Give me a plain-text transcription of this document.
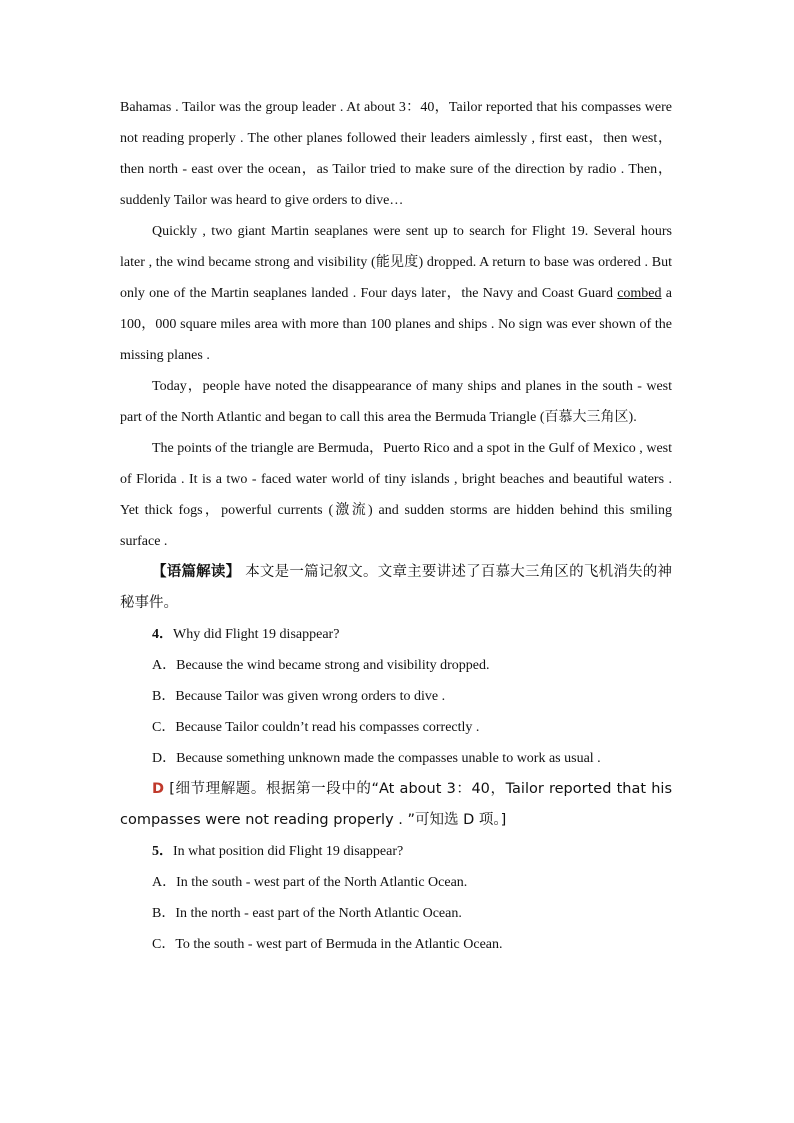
Bahamas . Tailor was the group leader . At about 3：40，Tailor reported that his compasses were not reading properly . The other planes followed their leaders aimlessly , first east，then west，then north - east over the ocean，as Tailor tried to make sure of the direction by radio . Then，suddenly Tailor was heard to give orders to dive…

Quickly , two giant Martin seaplanes were sent up to search for Flight 19. Several hours later , the wind became strong and visibility (能见度) dropped. A return to base was ordered . But only one of the Martin seaplanes landed . Four days later，the Navy and Coast Guard combed a 100，000 square miles area with more than 100 planes and ships . No sign was ever shown of the missing planes .

Today，people have noted the disappearance of many ships and planes in the south - west part of the North Atlantic and began to call this area the Bermuda Triangle (百慕大三角区).

The points of the triangle are Bermuda，Puerto Rico and a spot in the Gulf of Mexico , west of Florida . It is a two - faced water world of tiny islands , bright beaches and beautiful waters . Yet thick fogs，powerful currents (激流) and sudden storms are hidden behind this smiling surface .

【语篇解读】 本文是一篇记叙文。文章主要讲述了百慕大三角区的飞机消失的神秘事件。

4．Why did Flight 19 disappear?

A．Because the wind became strong and visibility dropped.

B．Because Tailor was given wrong orders to dive .

C．Because Tailor couldn’t read his compasses correctly .

D．Because something unknown made the compasses unable to work as usual .

D [细节理解题。根据第一段中的“At about 3：40，Tailor reported that his compasses were not reading properly . ”可知选 D 项。]

5．In what position did Flight 19 disappear?

A．In the south - west part of the North Atlantic Ocean.

B．In the north - east part of the North Atlantic Ocean.

C．To the south - west part of Bermuda in the Atlantic Ocean.
